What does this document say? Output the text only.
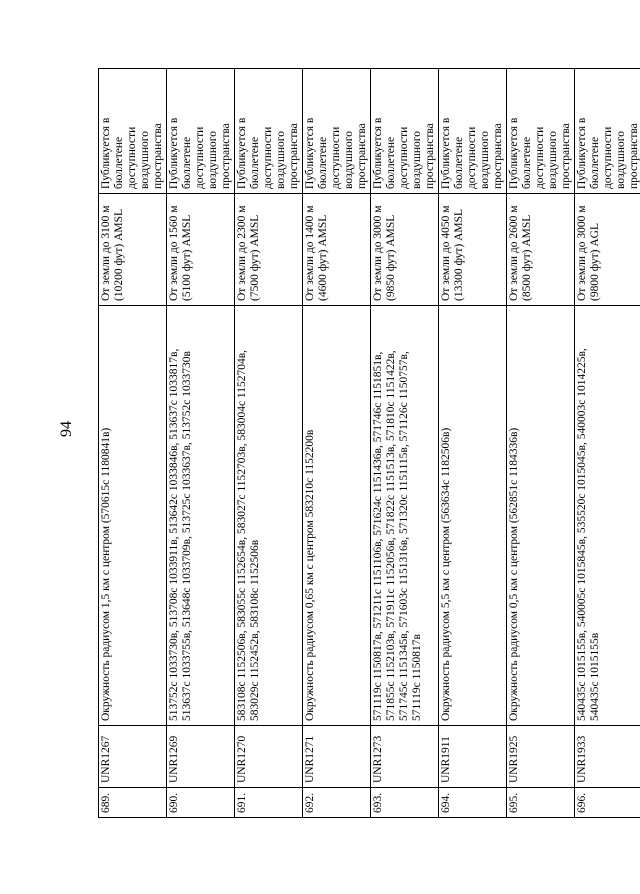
94
689.	UNR1267	Окружность радиусом 1,5 км с центром (570615с 1180841в)	От земли до 3100 м (10200 фут) AMSL	Публикуется в бюллетене доступности воздушного пространства
690.	UNR1269	513752с 1033730в, 513708с 1033911в, 513642с 1033846в, 513637с 1033817в, 513637с 1033755в, 513648с 1033709в, 513725с 1033637в, 513752с 1033730в	От земли до 1560 м (5100 фут) AMSL	Публикуется в бюллетене доступности воздушного пространства
691.	UNR1270	583108с 1152506в, 583055с 1152654в, 583027с 1152703в, 583004с 1152704в, 583029с 1152452в, 583108с 1152506в	От земли до 2300 м (7500 фут) AMSL	Публикуется в бюллетене доступности воздушного пространства
692.	UNR1271	Окружность радиусом 0,65 км с центром 583210с 1152200в	От земли до 1400 м (4600 фут) AMSL	Публикуется в бюллетене доступности воздушного пространства
693.	UNR1273	571119с 1150817в, 571211с 1151106в, 571624с 1151436в, 571746с 1151851в, 571855с 1152103в, 571911с 1152056в, 571822с 1151513в, 571810с 1151422в, 571745с 1151345в, 571603с 1151316в, 571320с 1151115в, 571126с 1150757в, 571119с 1150817в	От земли до 3000 м (9850 фут) AMSL	Публикуется в бюллетене доступности воздушного пространства
694.	UNR1911	Окружность радиусом 5,5 км с центром (563634с 1182506в)	От земли до 4050 м (13300 фут) AMSL	Публикуется в бюллетене доступности воздушного пространства
695.	UNR1925	Окружность радиусом 0,5 км с центром (562851с 1184336в)	От земли до 2600 м (8500 фут) AMSL	Публикуется в бюллетене доступности воздушного пространства
696.	UNR1933	540435с 1015155в, 540005с 1015845в, 535520с 1015045в, 540003с 1014225в, 540435с 1015155в	От земли до 3000 м (9800 фут) AGL	Публикуется в бюллетене доступности воздушного пространства
